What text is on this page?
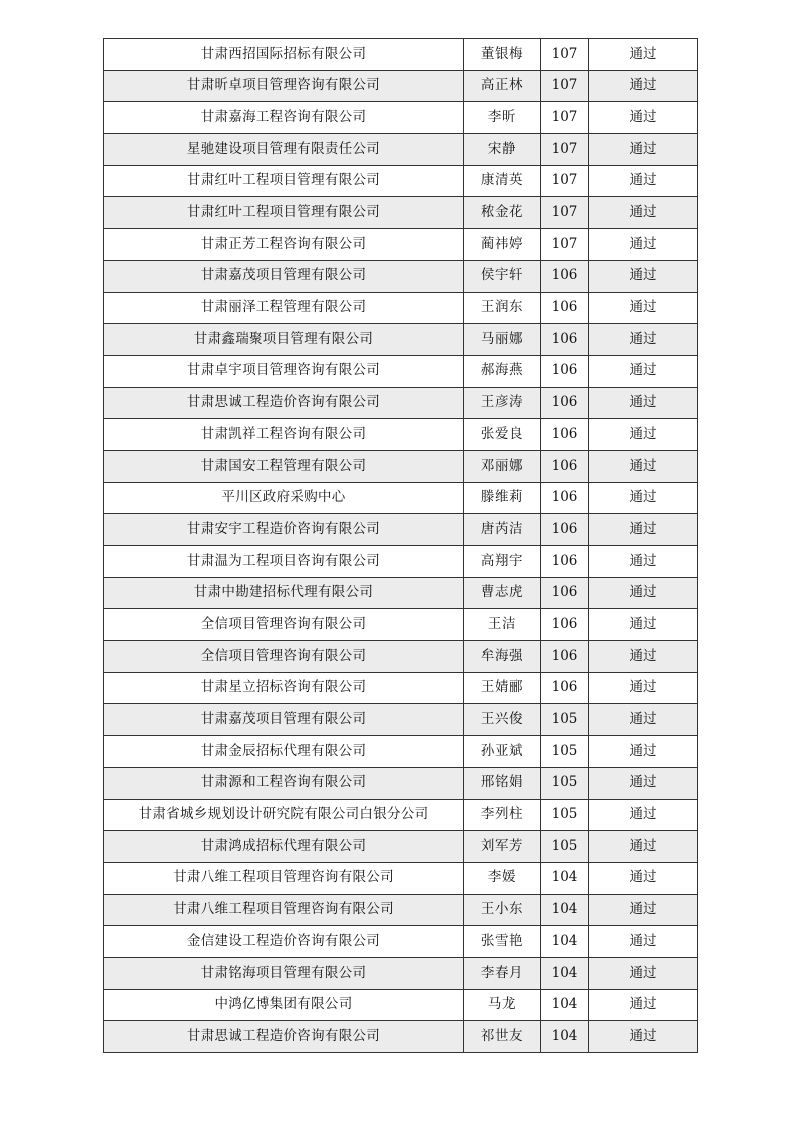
甘肃西招国际招标有限公司	董银梅	107	通过
甘肃昕卓项目管理咨询有限公司	高正林	107	通过
甘肃嘉海工程咨询有限公司	李昕	107	通过
星驰建设项目管理有限责任公司	宋静	107	通过
甘肃红叶工程项目管理有限公司	康清英	107	通过
甘肃红叶工程项目管理有限公司	秾金花	107	通过
甘肃正芳工程咨询有限公司	蔺祎婷	107	通过
甘肃嘉茂项目管理有限公司	侯宇轩	106	通过
甘肃丽泽工程管理有限公司	王润东	106	通过
甘肃鑫瑞聚项目管理有限公司	马丽娜	106	通过
甘肃卓宇项目管理咨询有限公司	郝海燕	106	通过
甘肃思诚工程造价咨询有限公司	王彦涛	106	通过
甘肃凯祥工程咨询有限公司	张爱良	106	通过
甘肃国安工程管理有限公司	邓丽娜	106	通过
平川区政府采购中心	滕维莉	106	通过
甘肃安宇工程造价咨询有限公司	唐芮洁	106	通过
甘肃温为工程项目咨询有限公司	高翔宇	106	通过
甘肃中勘建招标代理有限公司	曹志虎	106	通过
全信项目管理咨询有限公司	王洁	106	通过
全信项目管理咨询有限公司	牟海强	106	通过
甘肃星立招标咨询有限公司	王婧郦	106	通过
甘肃嘉茂项目管理有限公司	王兴俊	105	通过
甘肃金辰招标代理有限公司	孙亚斌	105	通过
甘肃源和工程咨询有限公司	邢铭娟	105	通过
甘肃省城乡规划设计研究院有限公司白银分公司	李列柱	105	通过
甘肃鸿成招标代理有限公司	刘军芳	105	通过
甘肃八维工程项目管理咨询有限公司	李媛	104	通过
甘肃八维工程项目管理咨询有限公司	王小东	104	通过
金信建设工程造价咨询有限公司	张雪艳	104	通过
甘肃铭海项目管理有限公司	李春月	104	通过
中鸿亿博集团有限公司	马龙	104	通过
甘肃思诚工程造价咨询有限公司	祁世友	104	通过
